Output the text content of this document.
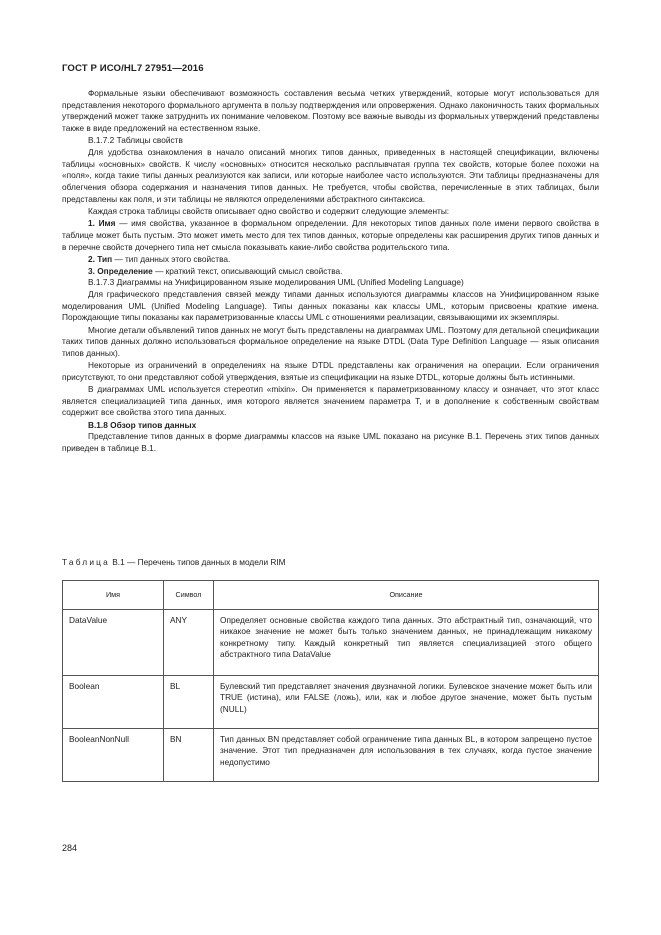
ГОСТ Р ИСО/HL7 27951—2016

Формальные языки обеспечивают возможность составления весьма четких утверждений, которые могут использоваться для представления некоторого формального аргумента в пользу подтверждения или опровержения. Однако лаконичность таких формальных утверждений может также затруднить их понимание человеком. Поэтому все важные выводы из формальных утверждений представлены также в виде предложений на естественном языке.

В.1.7.2 Таблицы свойств

Для удобства ознакомления в начало описаний многих типов данных, приведенных в настоящей спецификации, включены таблицы «основных» свойств. К числу «основных» относится несколько расплывчатая группа тех свойств, которые более похожи на «поля», когда такие типы данных реализуются как записи, или которые наиболее часто используются. Эти таблицы предназначены для облегчения обзора содержания и назначения типов данных. Не требуется, чтобы свойства, перечисленные в этих таблицах, были представлены как поля, и эти таблицы не являются определениями абстрактного синтаксиса.

Каждая строка таблицы свойств описывает одно свойство и содержит следующие элементы:

1. Имя — имя свойства, указанное в формальном определении. Для некоторых типов данных поле имени первого свойства в таблице может быть пустым. Это может иметь место для тех типов данных, которые определены как расширения других типов данных и в перечне свойств дочернего типа нет смысла показывать какие-либо свойства родительского типа.

2. Тип — тип данных этого свойства.

3. Определение — краткий текст, описывающий смысл свойства.

В.1.7.3 Диаграммы на Унифицированном языке моделирования UML (Unified Modeling Language)

Для графического представления связей между типами данных используются диаграммы классов на Унифицированном языке моделирования UML (Unified Modeling Language). Типы данных показаны как классы UML, которым присвоены краткие имена. Порождающие типы показаны как параметризованные классы UML с отношениями реализации, связывающими их экземпляры.

Многие детали объявлений типов данных не могут быть представлены на диаграммах UML. Поэтому для детальной спецификации таких типов данных должно использоваться формальное определение на языке DTDL (Data Type Definition Language — язык описания типов данных).

Некоторые из ограничений в определениях на языке DTDL представлены как ограничения на операции. Если ограничения присутствуют, то они представляют собой утверждения, взятые из спецификации на языке DTDL, которые должны быть истинными.

В диаграммах UML используется стереотип «mixin». Он применяется к параметризованному классу и означает, что этот класс является специализацией типа данных, имя которого является значением параметра Т, и в дополнение к собственным свойствам содержит все свойства этого типа данных.

В.1.8 Обзор типов данных

Представление типов данных в форме диаграммы классов на языке UML показано на рисунке В.1. Перечень этих типов данных приведен в таблице В.1.

Таблица В.1 — Перечень типов данных в модели RIM
Имя	Символ	Описание
DataValue	ANY	Определяет основные свойства каждого типа данных. Это абстрактный тип, означающий, что никакое значение не может быть только значением данных, не принадлежащим никакому конкретному типу. Каждый конкретный тип является специализацией этого общего абстрактного типа DataValue
Boolean	BL	Булевский тип представляет значения двузначной логики. Булевское значение может быть или TRUE (истина), или FALSE (ложь), или, как и любое другое значение, может быть пустым (NULL)
BooleanNonNull	BN	Тип данных BN представляет собой ограничение типа данных BL, в котором запрещено пустое значение. Этот тип предназначен для использования в тех случаях, когда пустое значение недопустимо
284
